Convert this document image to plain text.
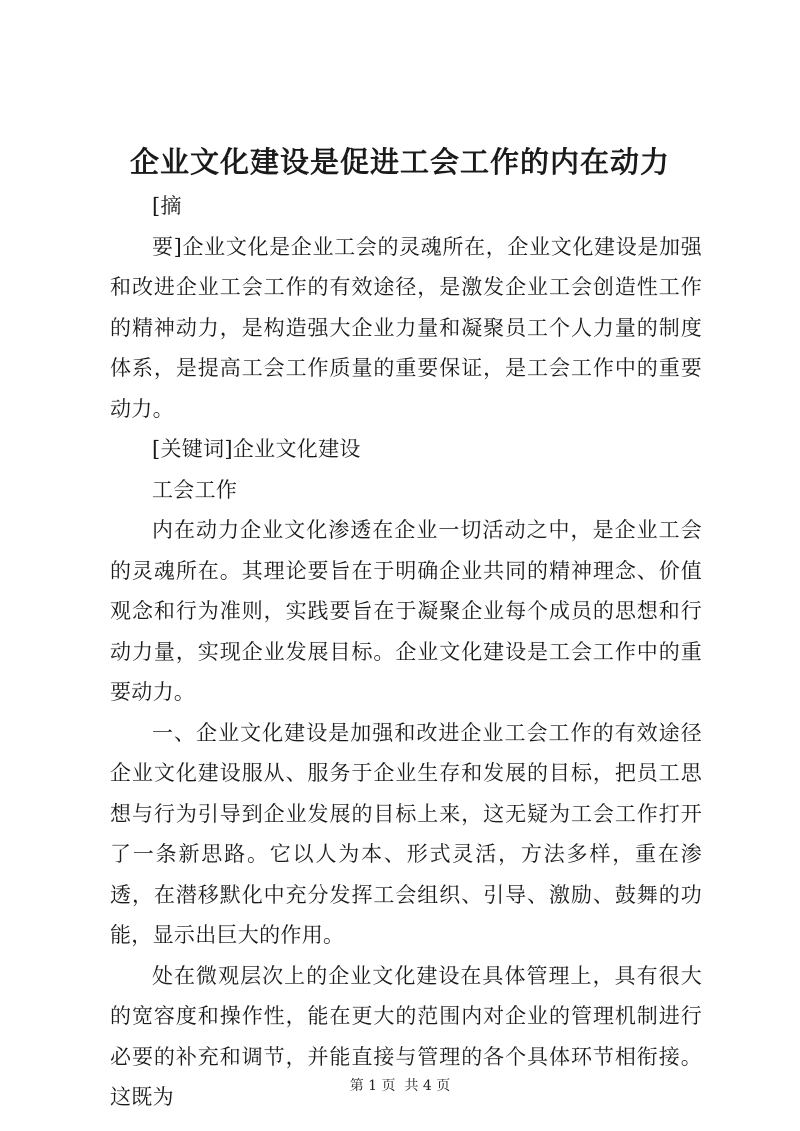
企业文化建设是促进工会工作的内在动力

[摘

要]企业文化是企业工会的灵魂所在，企业文化建设是加强和改进企业工会工作的有效途径，是激发企业工会创造性工作的精神动力，是构造强大企业力量和凝聚员工个人力量的制度体系，是提高工会工作质量的重要保证，是工会工作中的重要动力。

[关键词]企业文化建设

工会工作

内在动力企业文化渗透在企业一切活动之中，是企业工会的灵魂所在。其理论要旨在于明确企业共同的精神理念、价值观念和行为准则，实践要旨在于凝聚企业每个成员的思想和行动力量，实现企业发展目标。企业文化建设是工会工作中的重要动力。

一、企业文化建设是加强和改进企业工会工作的有效途径企业文化建设服从、服务于企业生存和发展的目标，把员工思想与行为引导到企业发展的目标上来，这无疑为工会工作打开了一条新思路。它以人为本、形式灵活，方法多样，重在渗透，在潜移默化中充分发挥工会组织、引导、激励、鼓舞的功能，显示出巨大的作用。

处在微观层次上的企业文化建设在具体管理上，具有很大的宽容度和操作性，能在更大的范围内对企业的管理机制进行必要的补充和调节，并能直接与管理的各个具体环节相衔接。这既为	第 1 页  共 4 页
